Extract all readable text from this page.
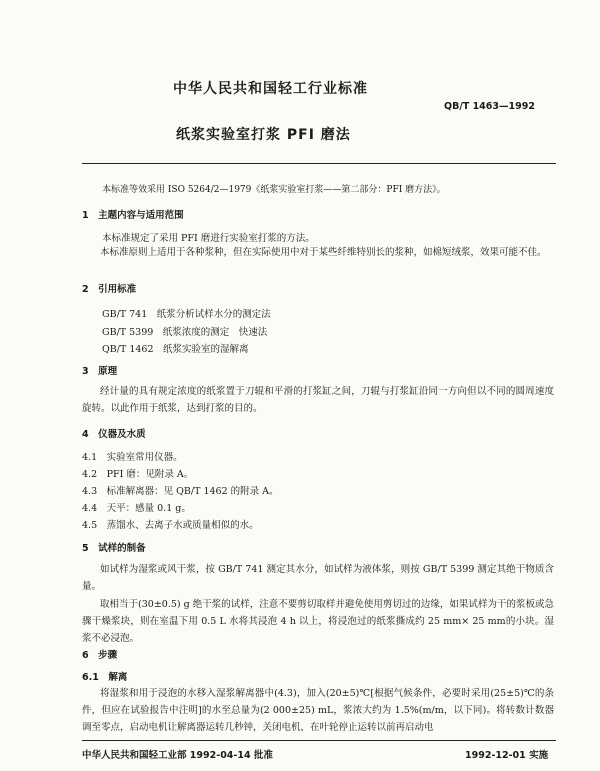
中华人民共和国轻工行业标准
QB/T 1463—1992
纸浆实验室打浆 PFI 磨法
本标准等效采用 ISO 5264/2—1979《纸浆实验室打浆——第二部分：PFI 磨方法》。
1　主题内容与适用范围
本标准规定了采用 PFI 磨进行实验室打浆的方法。
本标准原则上适用于各种浆种，但在实际使用中对于某些纤维特别长的浆种，如棉短绒浆，效果可能不佳。
2　引用标准
GB/T 741　纸浆分析试样水分的测定法
GB/T 5399　纸浆浓度的测定　快速法
QB/T 1462　纸浆实验室的湿解离
3　原理
经计量的具有规定浓度的纸浆置于刀辊和平滑的打浆缸之间，刀辊与打浆缸沿同一方向但以不同的圆周速度旋转。以此作用于纸浆，达到打浆的目的。
4　仪器及水质
4.1　实验室常用仪器。
4.2　PFI 磨：见附录 A。
4.3　标准解离器：见 QB/T 1462 的附录 A。
4.4　天平：感量 0.1 g。
4.5　蒸馏水、去离子水或质量相似的水。
5　试样的制备
如试样为湿浆或风干浆，按 GB/T 741 测定其水分，如试样为液体浆，则按 GB/T 5399 测定其绝干物质含量。
取相当于(30±0.5) g 绝干浆的试样，注意不要剪切取样并避免使用剪切过的边缘，如果试样为干的浆板或急骤干燥浆块，则在室温下用 0.5 L 水将其浸泡 4 h 以上，将浸泡过的纸浆撕成约 25 mm× 25 mm的小块。湿浆不必浸泡。
6　步骤
6.1　解离
将湿浆和用于浸泡的水移入湿浆解离器中(4.3)，加入(20±5)℃[根据气候条件，必要时采用(25±5)℃的条件，但应在试验报告中注明]的水至总量为(2 000±25) mL，浆浓大约为 1.5%(m/m，以下同)。将转数计数器调至零点，启动电机让解离器运转几秒钟，关闭电机，在叶轮停止运转以前再启动电
中华人民共和国轻工业部 1992-04-14 批准	1992-12-01 实施
